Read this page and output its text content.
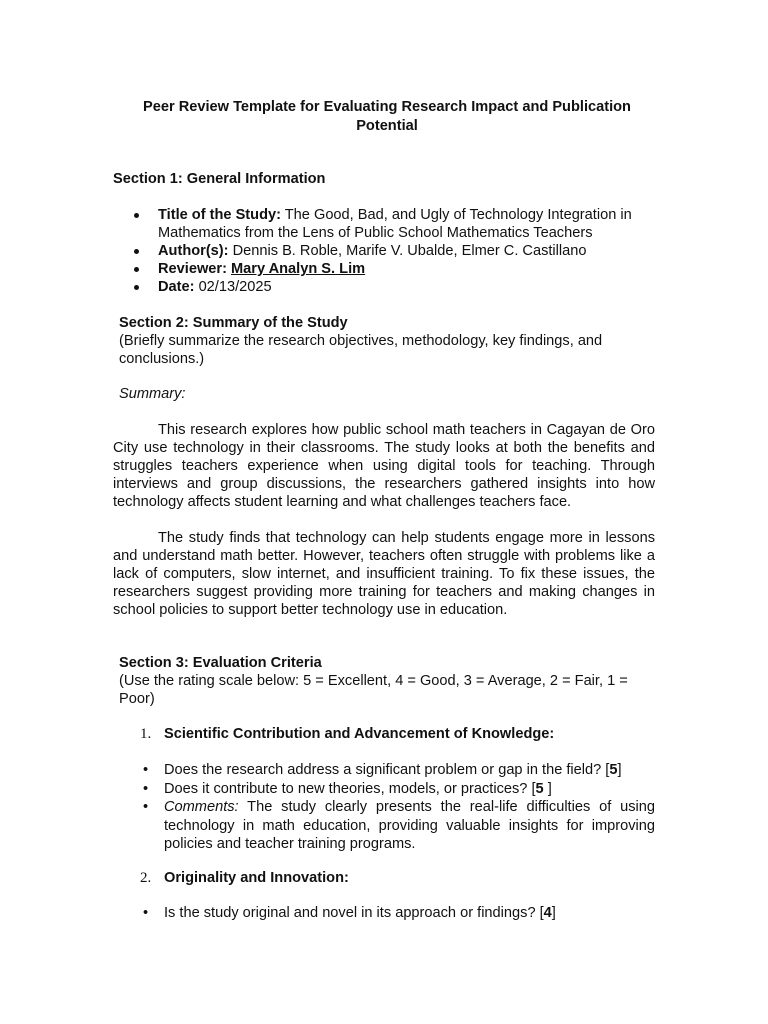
Peer Review Template for Evaluating Research Impact and Publication Potential
Section 1: General Information
Title of the Study: The Good, Bad, and Ugly of Technology Integration in Mathematics from the Lens of Public School Mathematics Teachers
Author(s): Dennis B. Roble, Marife V. Ubalde, Elmer C. Castillano
Reviewer: Mary Analyn S. Lim
Date: 02/13/2025
Section 2: Summary of the Study
(Briefly summarize the research objectives, methodology, key findings, and conclusions.)
Summary:

This research explores how public school math teachers in Cagayan de Oro City use technology in their classrooms. The study looks at both the benefits and struggles teachers experience when using digital tools for teaching. Through interviews and group discussions, the researchers gathered insights into how technology affects student learning and what challenges teachers face.

The study finds that technology can help students engage more in lessons and understand math better. However, teachers often struggle with problems like a lack of computers, slow internet, and insufficient training. To fix these issues, the researchers suggest providing more training for teachers and making changes in school policies to support better technology use in education.

Section 3: Evaluation Criteria
(Use the rating scale below: 5 = Excellent, 4 = Good, 3 = Average, 2 = Fair, 1 = Poor)
1. Scientific Contribution and Advancement of Knowledge:
• Does the research address a significant problem or gap in the field? [5]
• Does it contribute to new theories, models, or practices? [5 ]
• Comments: The study clearly presents the real-life difficulties of using technology in math education, providing valuable insights for improving policies and teacher training programs.
2. Originality and Innovation:
• Is the study original and novel in its approach or findings? [4]
